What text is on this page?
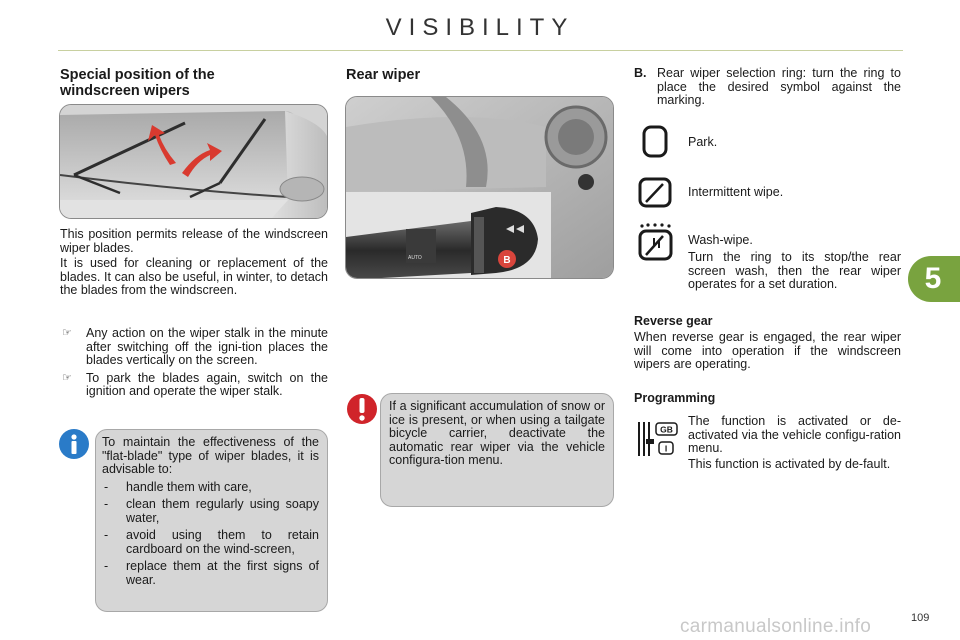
VISIBILITY
Special position of the
windscreen wipers
This position permits release of the windscreen wiper blades.
It is used for cleaning or replacement of the blades. It can also be useful, in winter, to detach the blades from the windscreen.
☞ Any action on the wiper stalk in the minute after switching off the igni-tion places the blades vertically on the screen.
☞ To park the blades again, switch on the ignition and operate the wiper stalk.
To maintain the effectiveness of the "flat-blade" type of wiper blades, it is advisable to:
- handle them with care,
- clean them regularly using soapy water,
- avoid using them to retain cardboard on the wind-screen,
- replace them at the first signs of wear.
Rear wiper
AUTO	B
If a significant accumulation of snow or ice is present, or when using a tailgate bicycle carrier, deactivate the automatic rear wiper via the vehicle configura-tion menu.
B. Rear wiper selection ring: turn the ring to place the desired symbol against the marking.
Park.
Intermittent wipe.
Wash-wipe.
Turn the ring to its stop/the rear screen wash, then the rear wiper operates for a set duration.
Reverse gear
When reverse gear is engaged, the rear wiper will come into operation if the windscreen wipers are operating.
Programming
GB
I
The function is activated or de-activated via the vehicle configu-ration menu.
This function is activated by de-fault.
5
carmanualsonline.info	109
